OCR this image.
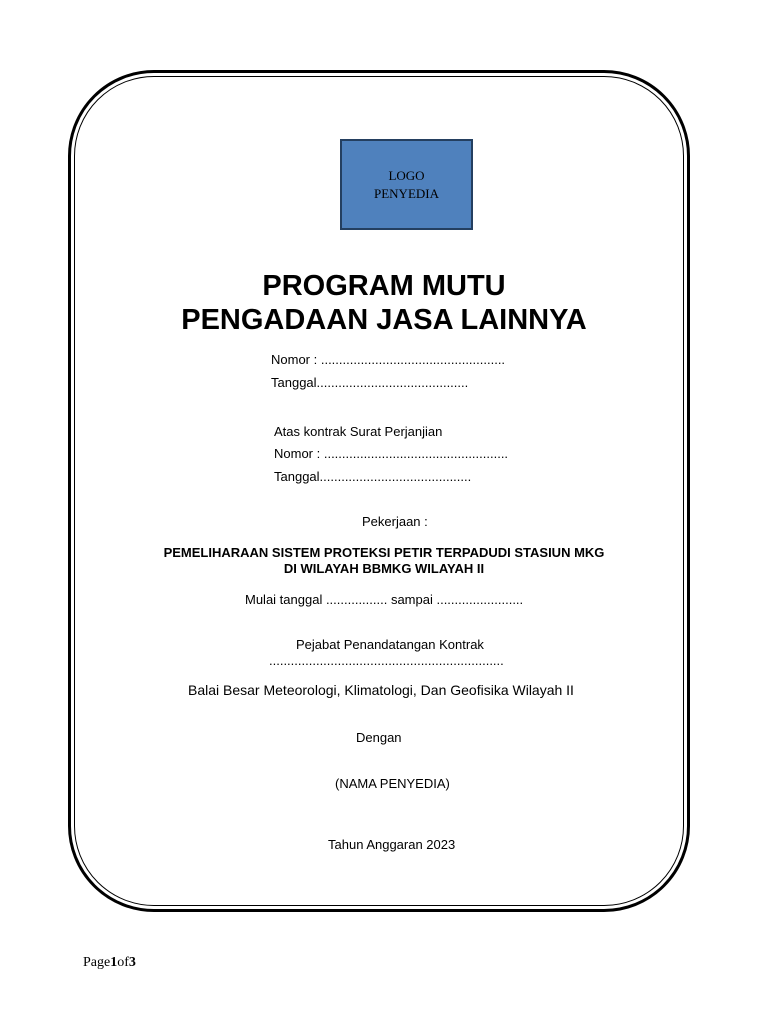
LOGO
PENYEDIA
PROGRAM MUTU
PENGADAAN JASA LAINNYA
Nomor : ...................................................
Tanggal..........................................
Atas kontrak Surat Perjanjian
Nomor : ...................................................
Tanggal..........................................
Pekerjaan :
PEMELIHARAAN SISTEM PROTEKSI PETIR TERPADUDI STASIUN MKG
DI WILAYAH BBMKG WILAYAH II
Mulai tanggal ................. sampai ........................
Pejabat Penandatangan Kontrak
.................................................................
Balai Besar Meteorologi, Klimatologi, Dan Geofisika Wilayah II
Dengan
(NAMA PENYEDIA)
Tahun Anggaran 2023
Page1of3
